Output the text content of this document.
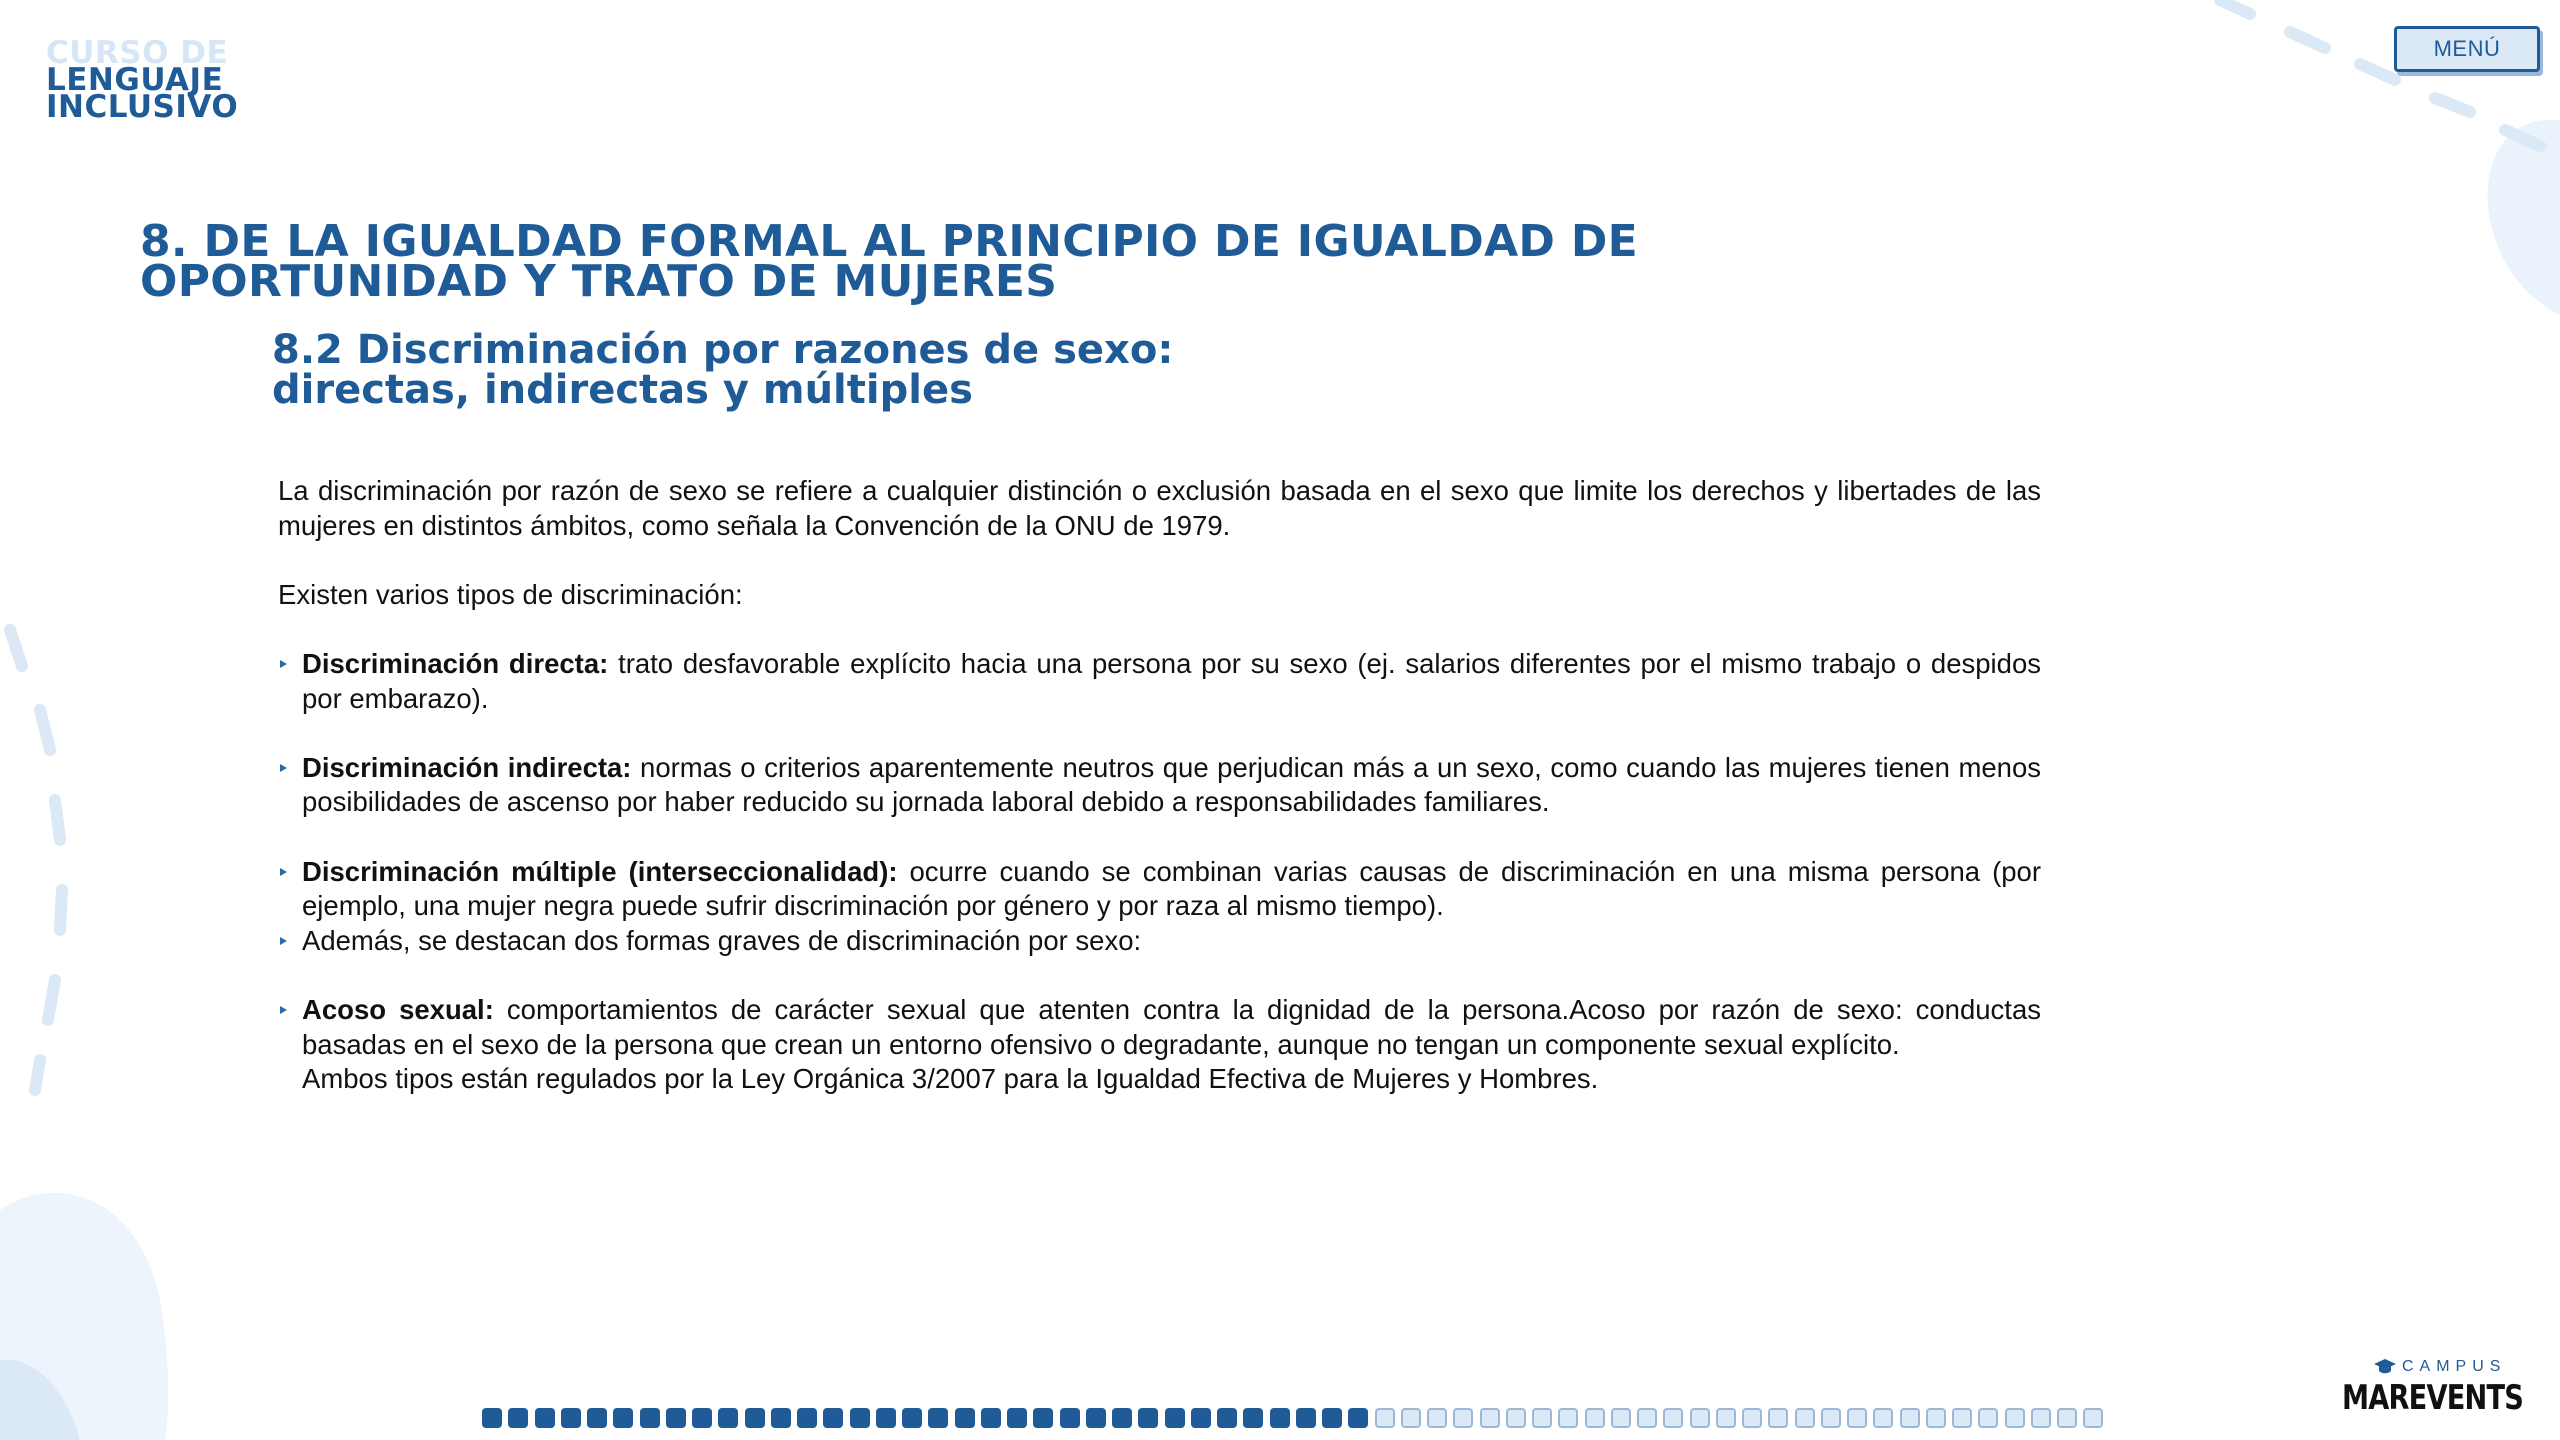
CURSO DE
LENGUAJE
INCLUSIVO
MENÚ
8. DE LA IGUALDAD FORMAL AL PRINCIPIO DE IGUALDAD DE
OPORTUNIDAD Y TRATO DE MUJERES
8.2 Discriminación por razones de sexo:
directas, indirectas y múltiples

La discriminación por razón de sexo se refiere a cualquier distinción o exclusión basada en el sexo que limite los derechos y libertades de las mujeres en distintos ámbitos, como señala la Convención de la ONU de 1979.

Existen varios tipos de discriminación:

Discriminación directa: trato desfavorable explícito hacia una persona por su sexo (ej. salarios diferentes por el mismo trabajo o despidos por embarazo).
Discriminación indirecta: normas o criterios aparentemente neutros que perjudican más a un sexo, como cuando las mujeres tienen menos posibilidades de ascenso por haber reducido su jornada laboral debido a responsabilidades familiares.
Discriminación múltiple (interseccionalidad): ocurre cuando se combinan varias causas de discriminación en una misma persona (por ejemplo, una mujer negra puede sufrir discriminación por género y por raza al mismo tiempo).
Además, se destacan dos formas graves de discriminación por sexo:
Acoso sexual: comportamientos de carácter sexual que atenten contra la dignidad de la persona.Acoso por razón de sexo: conductas basadas en el sexo de la persona que crean un entorno ofensivo o degradante, aunque no tengan un componente sexual explícito.

Ambos tipos están regulados por la Ley Orgánica 3/2007 para la Igualdad Efectiva de Mujeres y Hombres.

CAMPUS
MAREVENTS
